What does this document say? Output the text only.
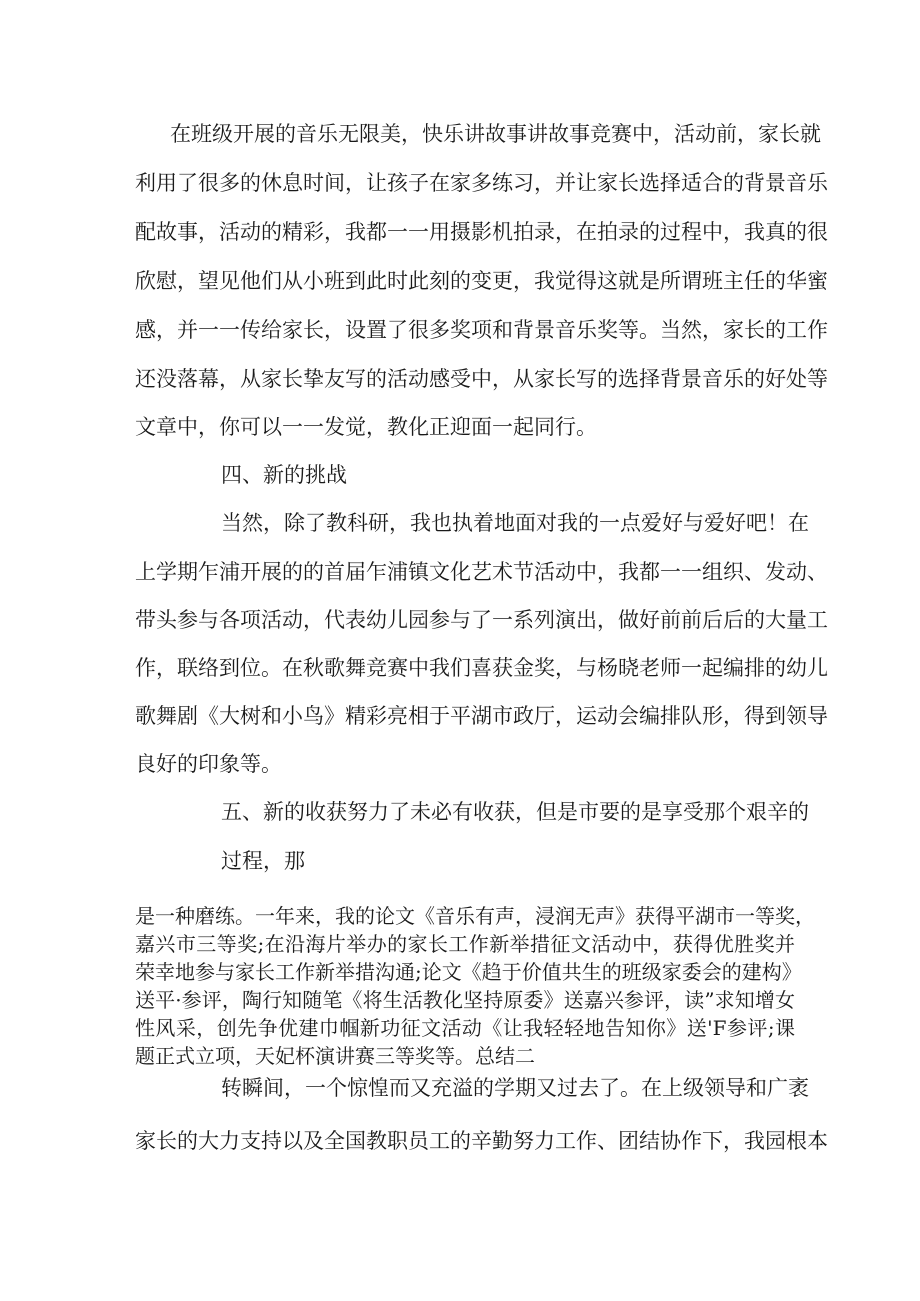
在班级开展的音乐无限美，快乐讲故事讲故事竞赛中，活动前，家长就
利用了很多的休息时间，让孩子在家多练习，并让家长选择适合的背景音乐
配故事，活动的精彩，我都一一用摄影机拍录，在拍录的过程中，我真的很
欣慰，望见他们从小班到此时此刻的变更，我觉得这就是所谓班主任的华蜜
感，并一一传给家长，设置了很多奖项和背景音乐奖等。当然，家长的工作
还没落幕，从家长挚友写的活动感受中，从家长写的选择背景音乐的好处等
文章中，你可以一一发觉，教化正迎面一起同行。
四、新的挑战
当然，除了教科研，我也执着地面对我的一点爱好与爱好吧！在
上学期乍浦开展的的首届乍浦镇文化艺术节活动中，我都一一组织、发动、
带头参与各项活动，代表幼儿园参与了一系列演出，做好前前后后的大量工
作，联络到位。在秋歌舞竞赛中我们喜获金奖，与杨晓老师一起编排的幼儿
歌舞剧《大树和小鸟》精彩亮相于平湖市政厅，运动会编排队形，得到领导
良好的印象等。
五、新的收获努力了未必有收获，但是市要的是享受那个艰辛的
过程，那
是一种磨练。一年来，我的论文《音乐有声，浸润无声》获得平湖市一等奖，
嘉兴市三等奖;在沿海片举办的家长工作新举措征文活动中，获得优胜奖并
荣幸地参与家长工作新举措沟通;论文《趋于价值共生的班级家委会的建构》
送平·参评，陶行知随笔《将生活教化坚持原委》送嘉兴参评，读”求知增女
性风采，创先争优建巾帼新功征文活动《让我轻轻地告知你》送'F参评;课
题正式立项，天妃杯演讲赛三等奖等。总结二
转瞬间，一个惊惶而又充溢的学期又过去了。在上级领导和广袤
家长的大力支持以及全国教职员工的辛勤努力工作、团结协作下，我园根本
